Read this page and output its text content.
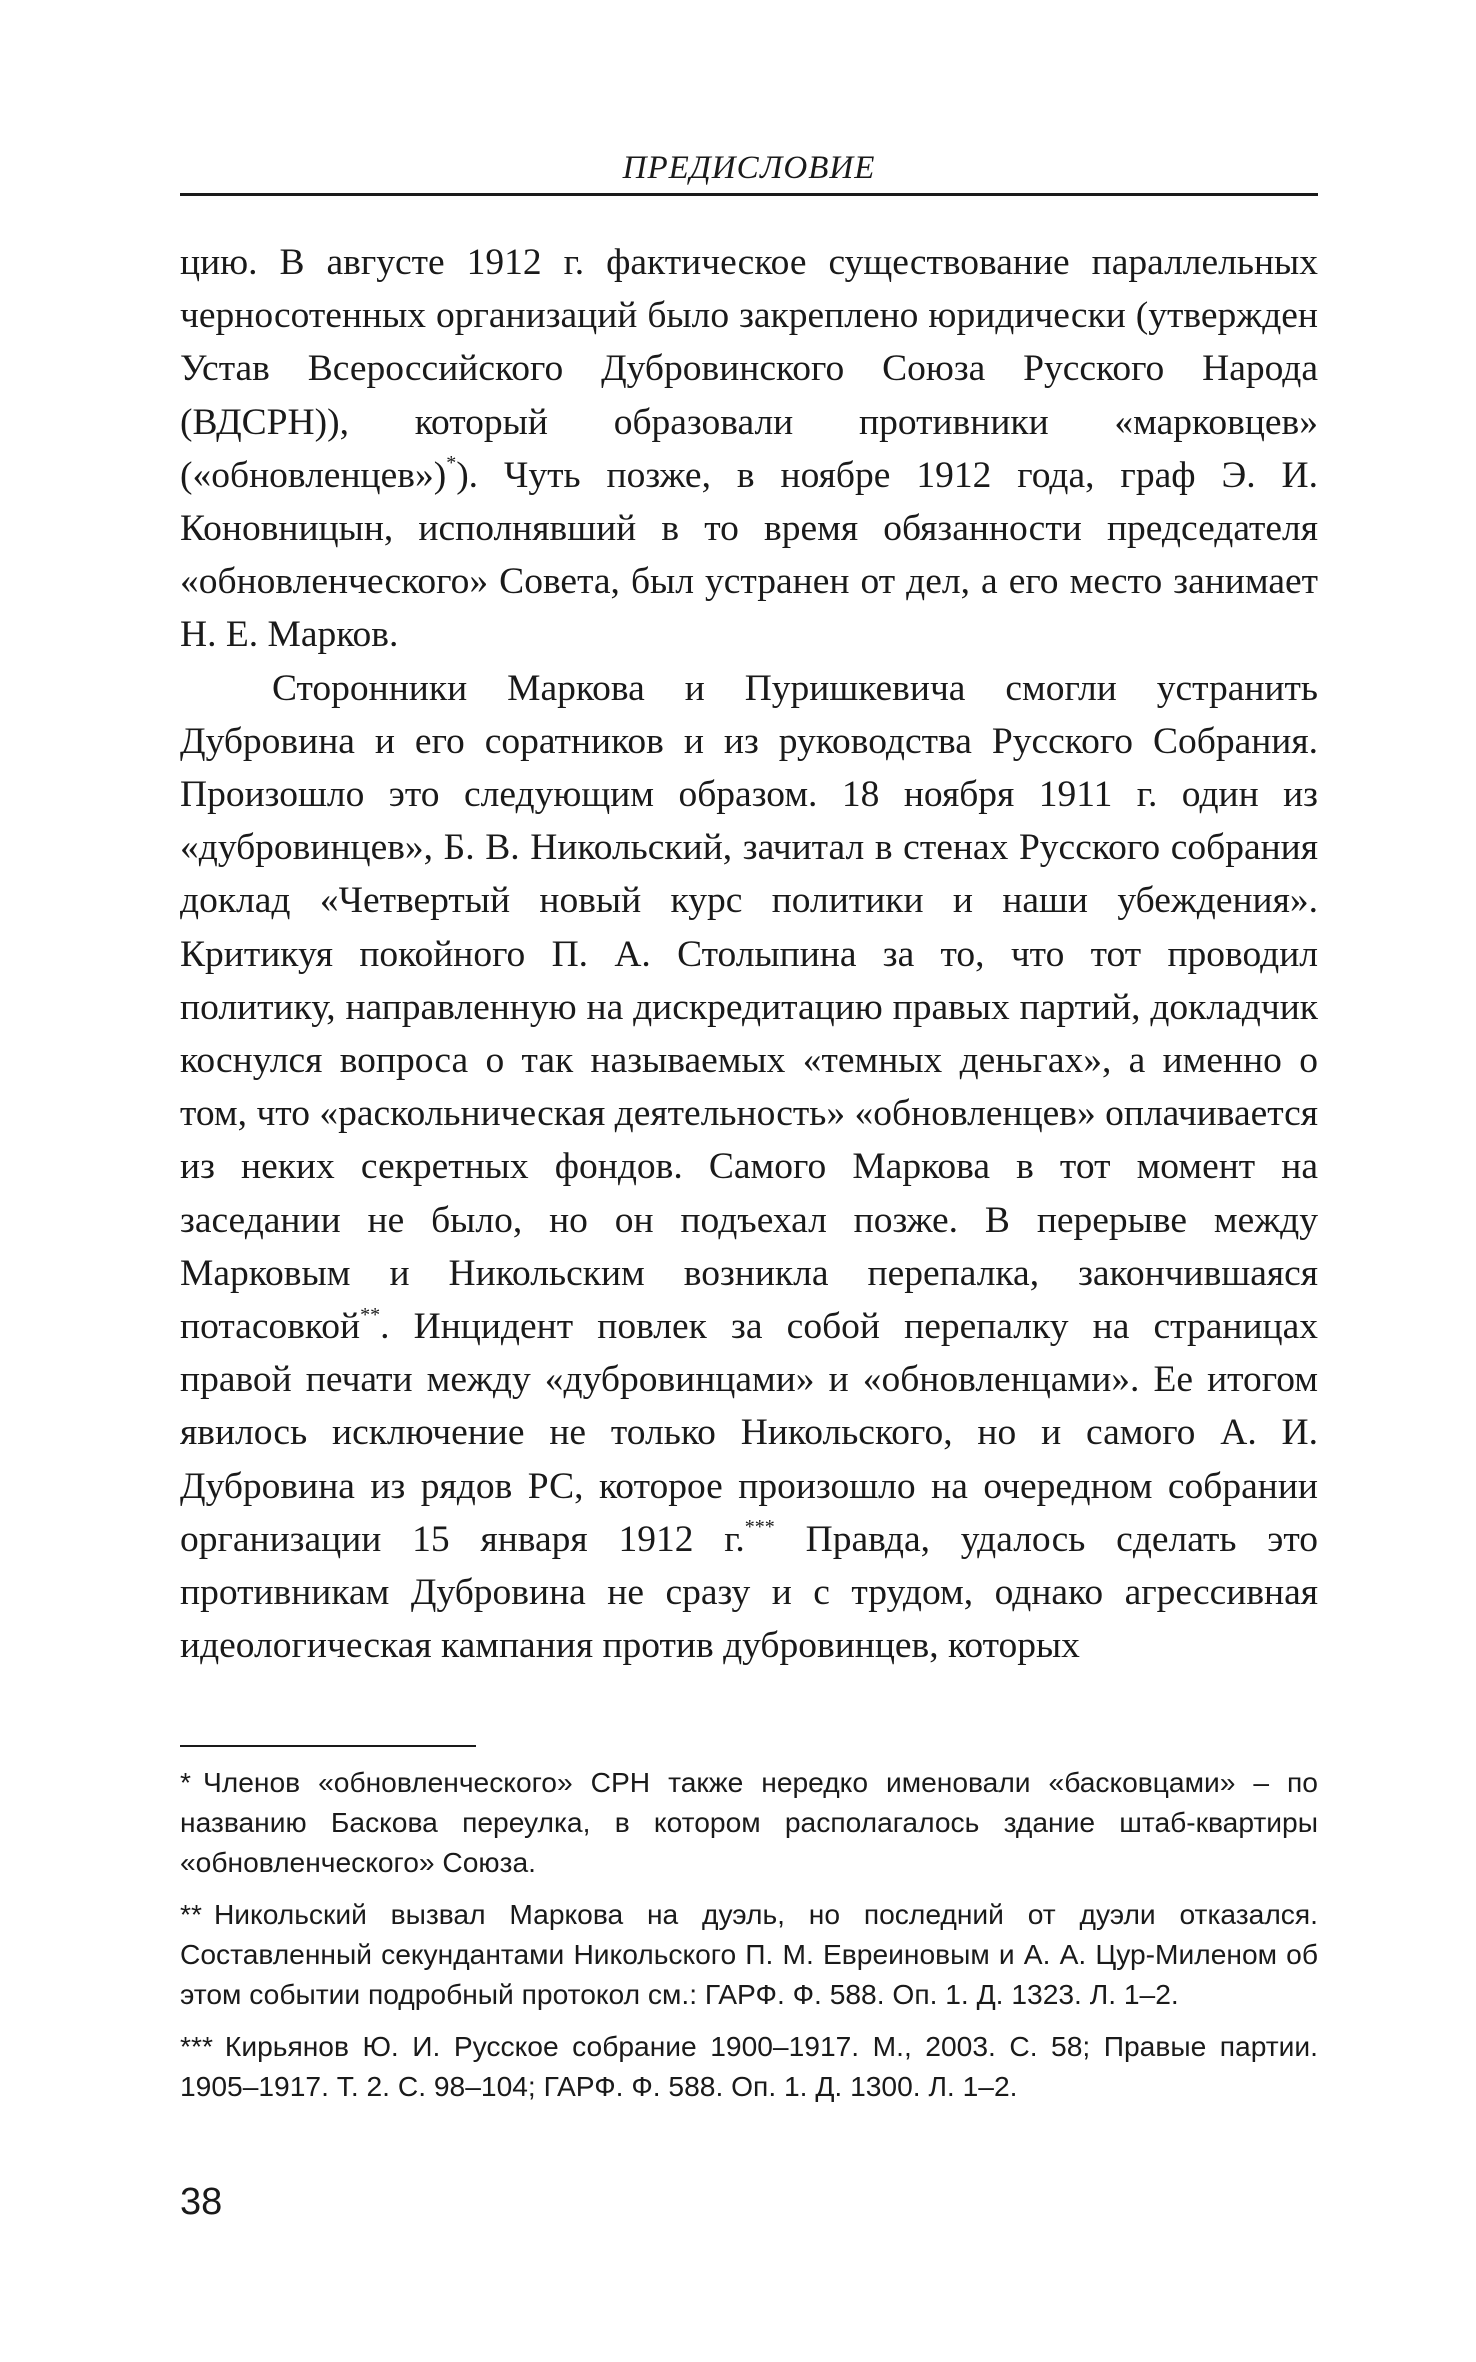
ПРЕДИСЛОВИЕ

цию. В августе 1912 г. фактическое существование параллельных черносотенных организаций было закреплено юридически (утвержден Устав Всероссийского Дубровинского Союза Русского Народа (ВДСРН)), который образовали противники «марковцев» («обновленцев»)*). Чуть позже, в ноябре 1912 года, граф Э. И. Коновницын, исполнявший в то время обязанности председателя «обновленческого» Совета, был устранен от дел, а его место занимает Н. Е. Марков.

Сторонники Маркова и Пуришкевича смогли устранить Дубровина и его соратников и из руководства Русского Собрания. Произошло это следующим образом. 18 ноября 1911 г. один из «дубровинцев», Б. В. Никольский, зачитал в стенах Русского собрания доклад «Четвертый новый курс политики и наши убеждения». Критикуя покойного П. А. Столыпина за то, что тот проводил политику, направленную на дискредитацию правых партий, докладчик коснулся вопроса о так называемых «темных деньгах», а именно о том, что «раскольническая деятельность» «обновленцев» оплачивается из неких секретных фондов. Самого Маркова в тот момент на заседании не было, но он подъехал позже. В перерыве между Марковым и Никольским возникла перепалка, закончившаяся потасовкой**. Инцидент повлек за собой перепалку на страницах правой печати между «дубровинцами» и «обновленцами». Ее итогом явилось исключение не только Никольского, но и самого А. И. Дубровина из рядов РС, которое произошло на очередном собрании организации 15 января 1912 г.*** Правда, удалось сделать это противникам Дубровина не сразу и с трудом, однако агрессивная идеологическая кампания против дубровинцев, которых

* Членов «обновленческого» СРН также нередко именовали «басковцами» – по названию Баскова переулка, в котором располагалось здание штаб-квартиры «обновленческого» Союза.

** Никольский вызвал Маркова на дуэль, но последний от дуэли отказался. Составленный секундантами Никольского П. М. Евреиновым и А. А. Цур-Миленом об этом событии подробный протокол см.: ГАРФ. Ф. 588. Оп. 1. Д. 1323. Л. 1–2.

*** Кирьянов Ю. И. Русское собрание 1900–1917. М., 2003. С. 58; Правые партии. 1905–1917. Т. 2. С. 98–104; ГАРФ. Ф. 588. Оп. 1. Д. 1300. Л. 1–2.

38
